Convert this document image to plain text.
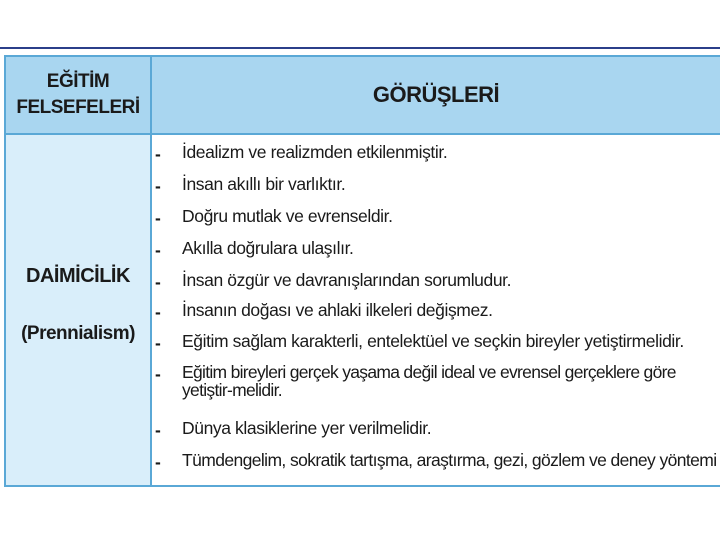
EĞİTİM
FELSEFELERİ
GÖRÜŞLERİ
DAİMİCİLİK
(Prennialism)
- İdealizm ve realizmden etkilenmiştir.
- İnsan akıllı bir varlıktır.
- Doğru mutlak ve evrenseldir.
- Akılla doğrulara ulaşılır.
- İnsan özgür ve davranışlarından sorumludur.
- İnsanın doğası ve ahlaki ilkeleri değişmez.
- Eğitim sağlam karakterli, entelektüel ve seçkin bireyler yetiştirmelidir.
- Eğitim bireyleri gerçek yaşama değil ideal ve evrensel gerçeklere göre yetiştir-melidir.
- Dünya klasiklerine yer verilmelidir.
- Tümdengelim, sokratik tartışma, araştırma, gezi, gözlem ve deney yöntemi
